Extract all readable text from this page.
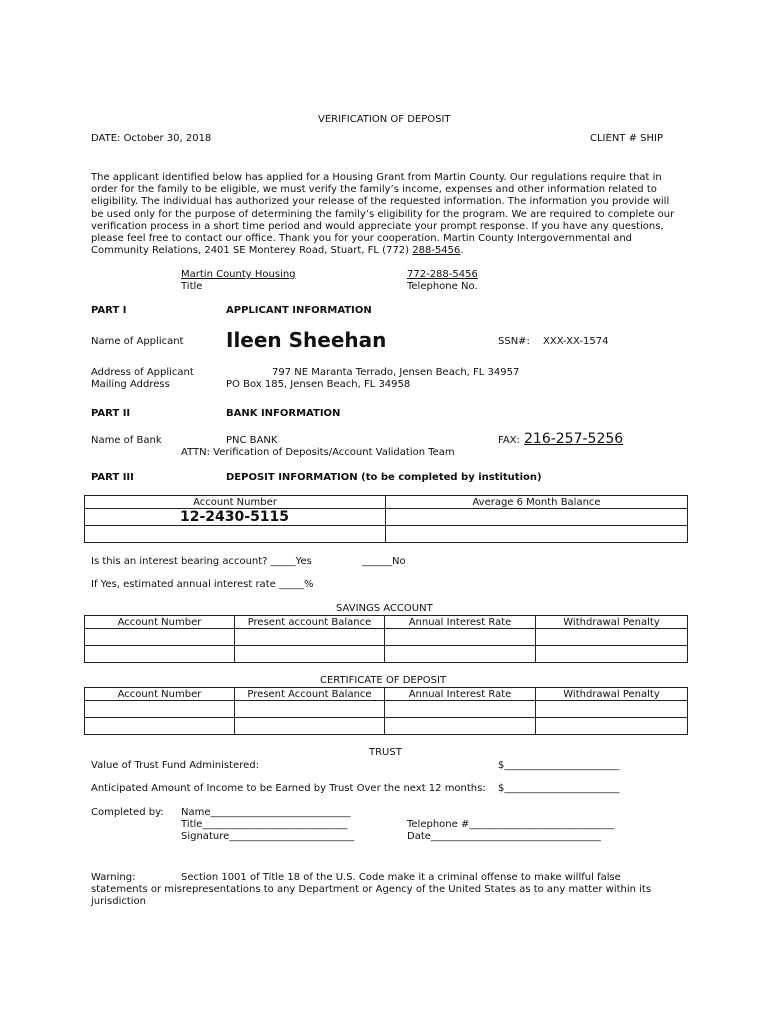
VERIFICATION OF DEPOSIT
DATE: October 30, 2018	CLIENT # SHIP
The applicant identified below has applied for a Housing Grant from Martin County. Our regulations require that in order for the family to be eligible, we must verify the family’s income, expenses and other information related to eligibility. The individual has authorized your release of the requested information. The information you provide will be used only for the purpose of determining the family’s eligibility for the program. We are required to complete our verification process in a short time period and would appreciate your prompt response. If you have any questions, please feel free to contact our office. Thank you for your cooperation. Martin County Intergovernmental and Community Relations, 2401 SE Monterey Road, Stuart, FL (772) 288-5456.
Martin County Housing
Title
772-288-5456
Telephone No.
PART I	APPLICANT INFORMATION
Name of Applicant Ileen Sheehan	SSN#: XXX-XX-1574
Address of Applicant	797 NE Maranta Terrado, Jensen Beach, FL 34957
Mailing Address	PO Box 185, Jensen Beach, FL 34958
PART II	BANK INFORMATION
Name of Bank	PNC BANK	FAX: 216-257-5256
ATTN: Verification of Deposits/Account Validation Team
PART III	DEPOSIT INFORMATION (to be completed by institution)
Account Number	Average 6 Month Balance
12-2430-5115	

Is this an interest bearing account? _____Yes	______No
If Yes, estimated annual interest rate _____%
SAVINGS ACCOUNT
Account Number	Present account Balance	Annual Interest Rate	Withdrawal Penalty

CERTIFICATE OF DEPOSIT
Account Number	Present Account Balance	Annual Interest Rate	Withdrawal Penalty

TRUST
Value of Trust Fund Administered:	$_______________________
Anticipated Amount of Income to be Earned by Trust Over the next 12 months: $_______________________
Completed by: Name____________________________
Title_____________________________
Signature_________________________
Telephone #_____________________________
Date__________________________________
Warning:	Section 1001 of Title 18 of the U.S. Code make it a criminal offense to make willful false
statements or misrepresentations to any Department or Agency of the United States as to any matter within its
jurisdiction
